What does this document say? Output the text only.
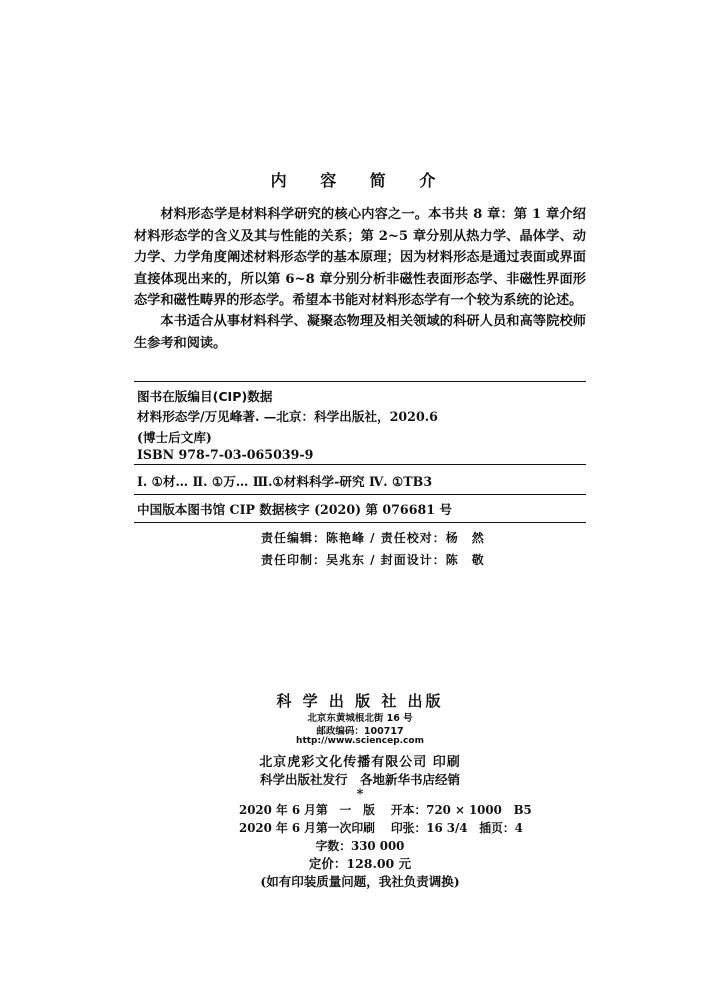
内 容 简 介
材料形态学是材料科学研究的核心内容之一。本书共 8 章：第 1 章介绍材料形态学的含义及其与性能的关系；第 2~5 章分别从热力学、晶体学、动力学、力学角度阐述材料形态学的基本原理；因为材料形态是通过表面或界面直接体现出来的，所以第 6~8 章分别分析非磁性表面形态学、非磁性界面形态学和磁性畴界的形态学。希望本书能对材料形态学有一个较为系统的论述。
本书适合从事材料科学、凝聚态物理及相关领域的科研人员和高等院校师生参考和阅读。
图书在版编目(CIP)数据
材料形态学/万见峰著. —北京：科学出版社，2020.6
(博士后文库)
ISBN 978-7-03-065039-9
Ⅰ. ①材… Ⅱ. ①万… Ⅲ.①材料科学-研究 Ⅳ. ①TB3
中国版本图书馆 CIP 数据核字 (2020) 第 076681 号
责任编辑：陈艳峰 / 责任校对：杨　然
责任印制：吴兆东 / 封面设计：陈　敬
科 学 出 版 社 出版
北京东黄城根北街 16 号
邮政编码：100717
http://www.sciencep.com
北京虎彩文化传播有限公司 印刷
科学出版社发行　各地新华书店经销
*
2020 年 6 月第　一　版　 开本：720 × 1000　B5
2020 年 6 月第一次印刷　 印张：16 3/4　插页：4
字数：330 000
定价：128.00 元
(如有印装质量问题，我社负责调换)
